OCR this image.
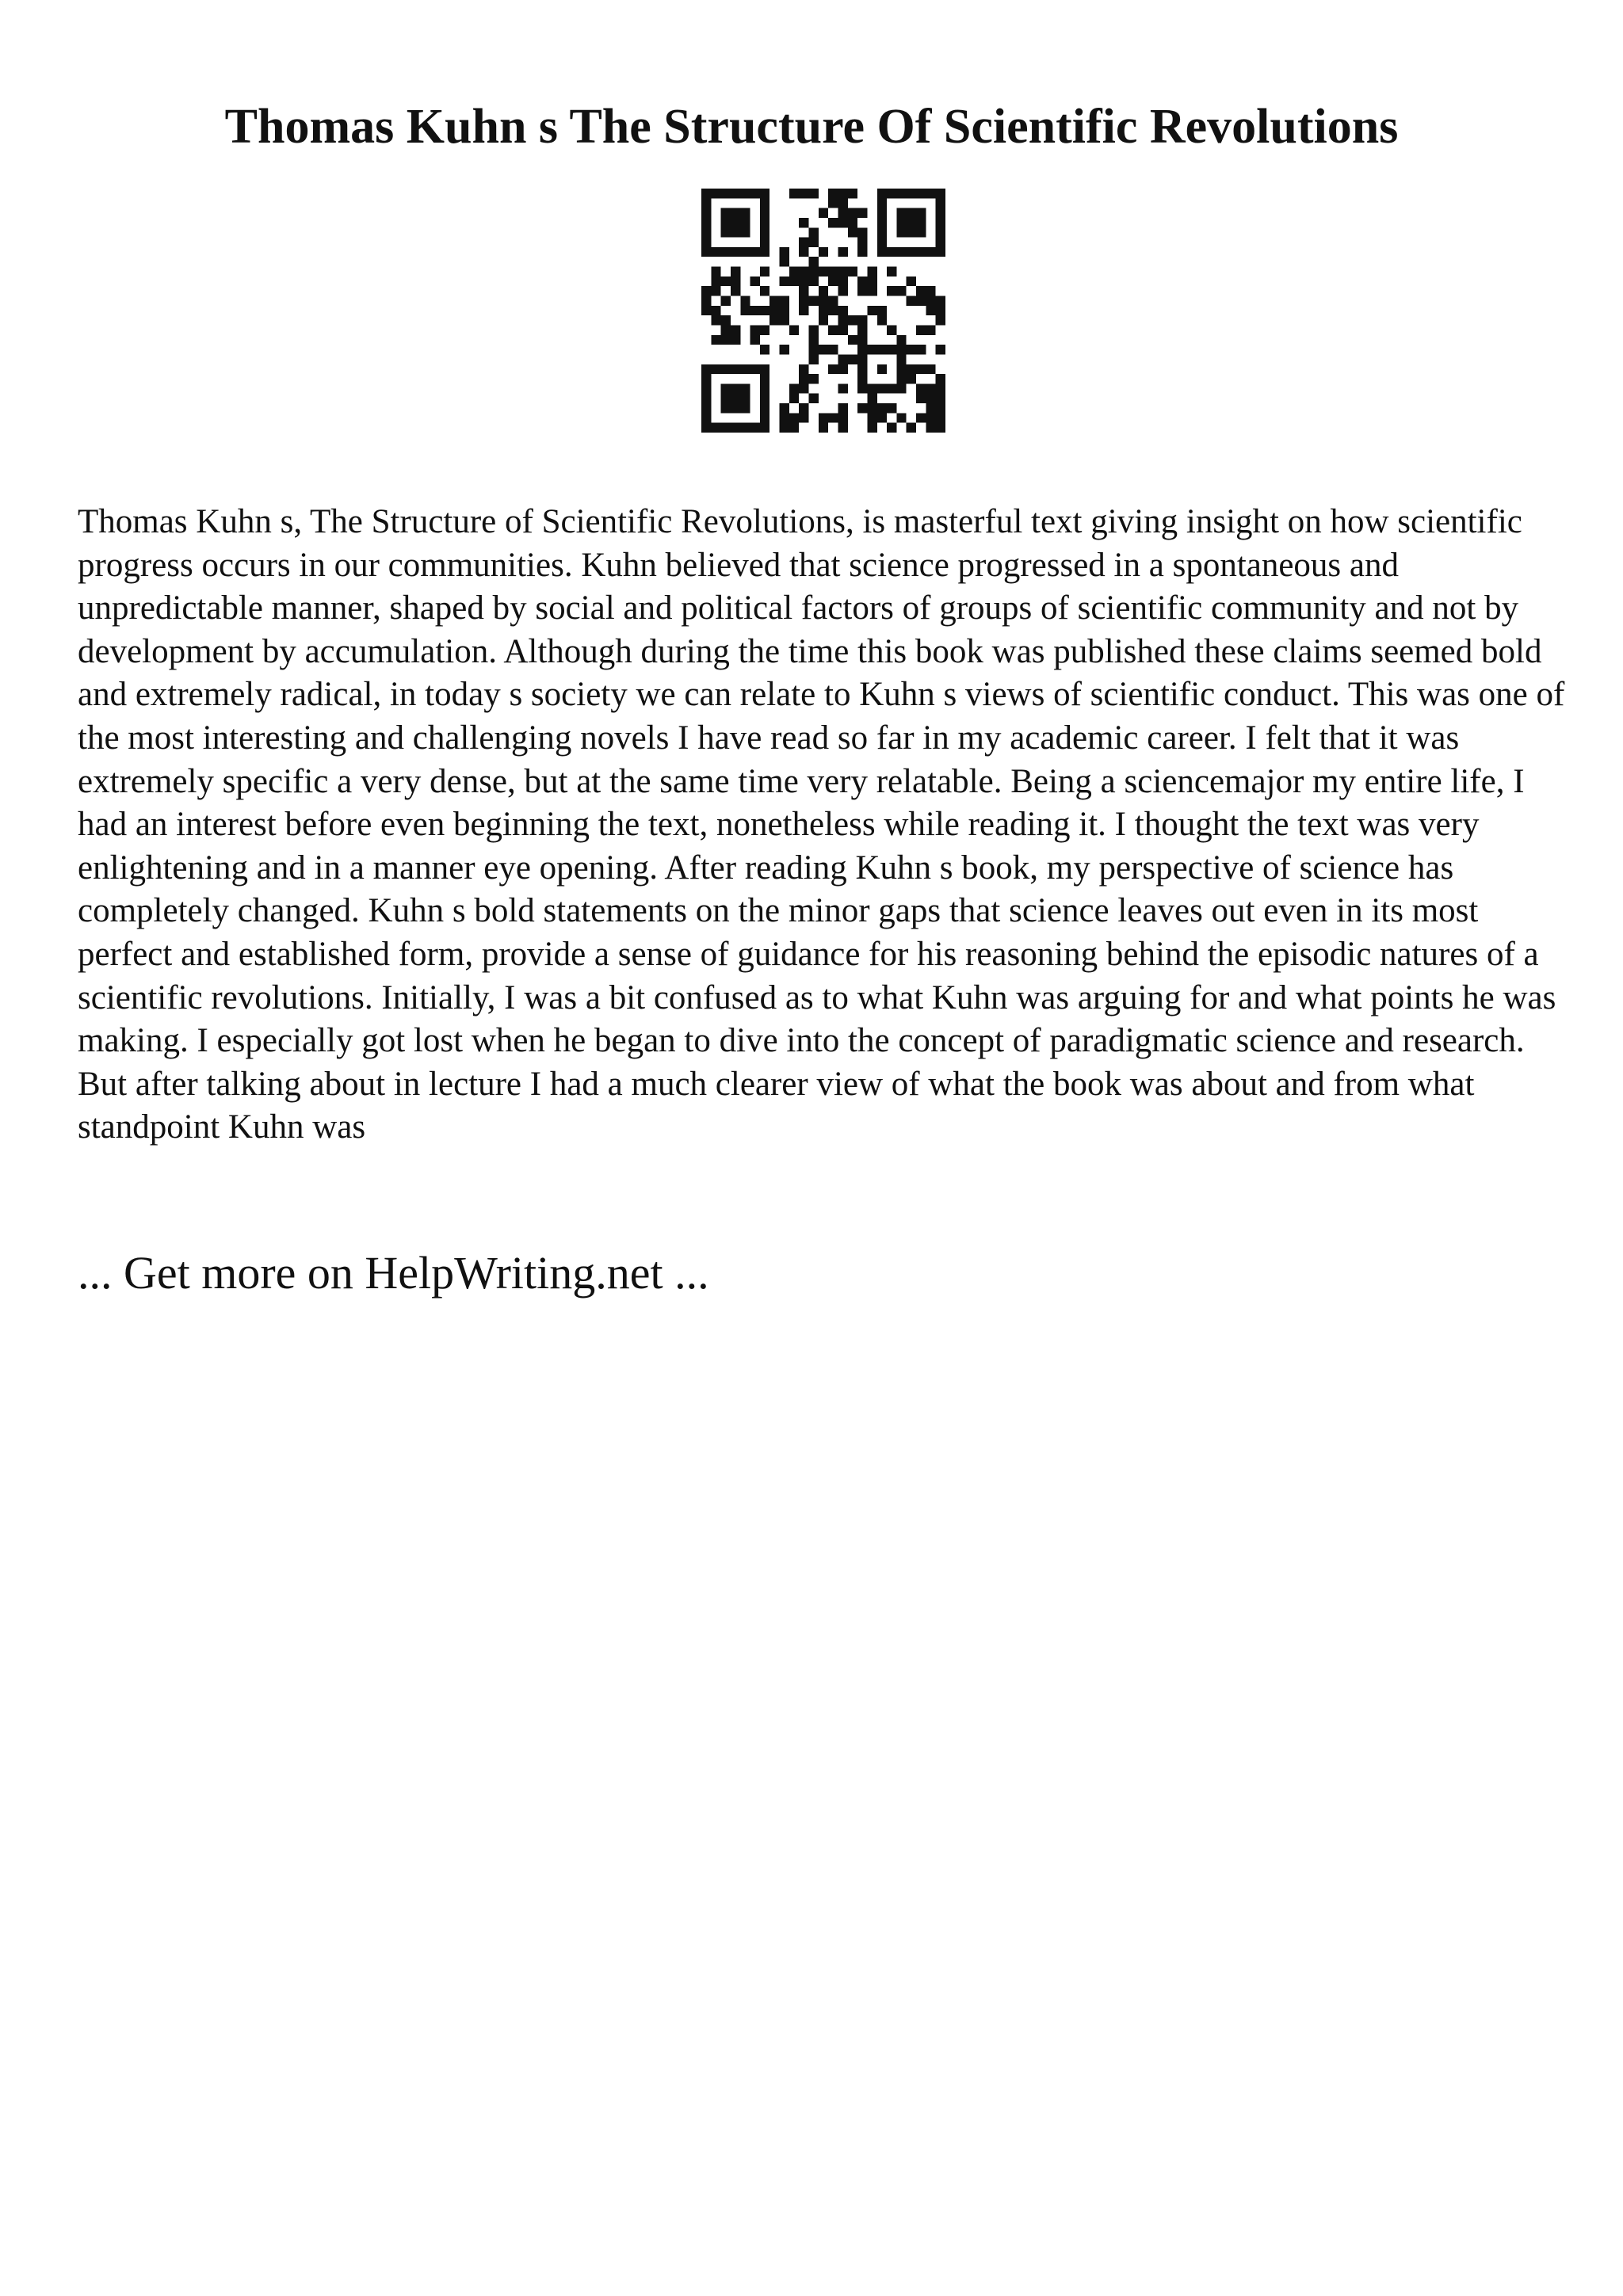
Thomas Kuhn s The Structure Of Scientific Revolutions

Thomas Kuhn s, The Structure of Scientific Revolutions, is masterful text giving insight on how scientific progress occurs in our communities. Kuhn believed that science progressed in a spontaneous and unpredictable manner, shaped by social and political factors of groups of scientific community and not by development by accumulation. Although during the time this book was published these claims seemed bold and extremely radical, in today s society we can relate to Kuhn s views of scientific conduct. This was one of the most interesting and challenging novels I have read so far in my academic career. I felt that it was extremely specific a very dense, but at the same time very relatable. Being a sciencemajor my entire life, I had an interest before even beginning the text, nonetheless while reading it. I thought the text was very enlightening and in a manner eye opening. After reading Kuhn s book, my perspective of science has completely changed. Kuhn s bold statements on the minor gaps that science leaves out even in its most perfect and established form, provide a sense of guidance for his reasoning behind the episodic natures of a scientific revolutions. Initially, I was a bit confused as to what Kuhn was arguing for and what points he was making. I especially got lost when he began to dive into the concept of paradigmatic science and research. But after talking about in lecture I had a much clearer view of what the book was about and from what standpoint Kuhn was

... Get more on HelpWriting.net ...
